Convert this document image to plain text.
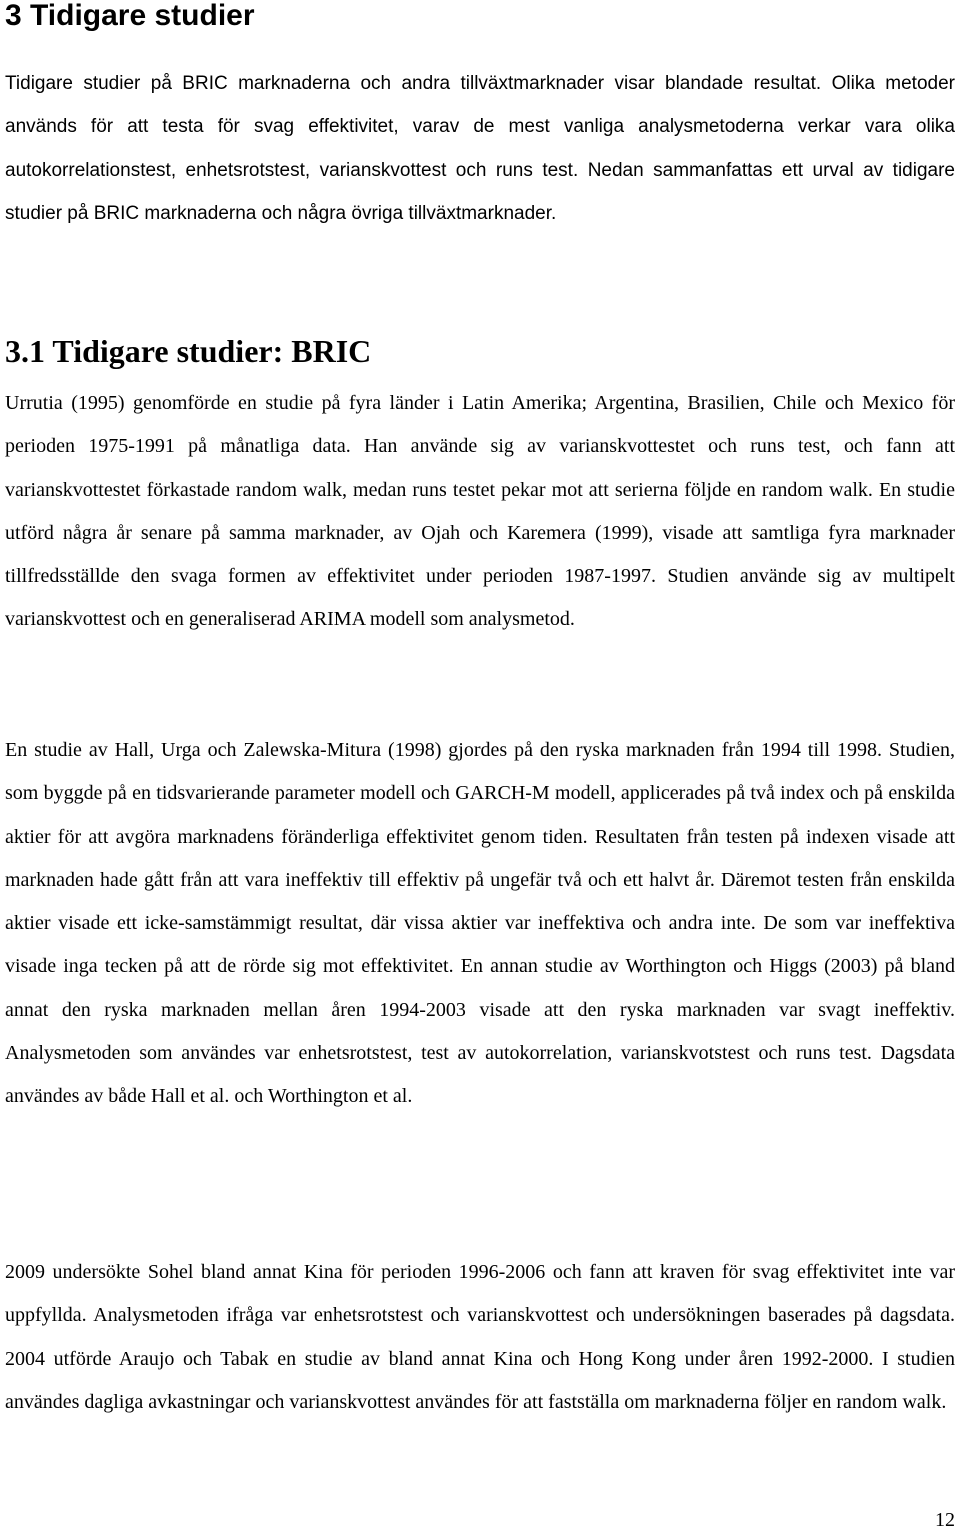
3 Tidigare studier

Tidigare studier på BRIC marknaderna och andra tillväxtmarknader visar blandade resultat. Olika metoder används för att testa för svag effektivitet, varav de mest vanliga analysmetoderna verkar vara olika autokorrelationstest, enhetsrotstest, varianskvottest och runs test. Nedan sammanfattas ett urval av tidigare studier på BRIC marknaderna och några övriga tillväxtmarknader.

3.1 Tidigare studier: BRIC

Urrutia (1995) genomförde en studie på fyra länder i Latin Amerika; Argentina, Brasilien, Chile och Mexico för perioden 1975-1991 på månatliga data. Han använde sig av varianskvottestet och runs test, och fann att varianskvottestet förkastade random walk, medan runs testet pekar mot att serierna följde en random walk. En studie utförd några år senare på samma marknader, av Ojah och Karemera (1999), visade att samtliga fyra marknader tillfredsställde den svaga formen av effektivitet under perioden 1987-1997. Studien använde sig av multipelt varianskvottest och en generaliserad ARIMA modell som analysmetod.

En studie av Hall, Urga och Zalewska-Mitura (1998) gjordes på den ryska marknaden från 1994 till 1998. Studien, som byggde på en tidsvarierande parameter modell och GARCH-M modell, applicerades på två index och på enskilda aktier för att avgöra marknadens föränderliga effektivitet genom tiden. Resultaten från testen på indexen visade att marknaden hade gått från att vara ineffektiv till effektiv på ungefär två och ett halvt år. Däremot testen från enskilda aktier visade ett icke-samstämmigt resultat, där vissa aktier var ineffektiva och andra inte. De som var ineffektiva visade inga tecken på att de rörde sig mot effektivitet. En annan studie av Worthington och Higgs (2003) på bland annat den ryska marknaden mellan åren 1994-2003 visade att den ryska marknaden var svagt ineffektiv. Analysmetoden som användes var enhetsrotstest, test av autokorrelation, varianskvotstest och runs test. Dagsdata användes av både Hall et al. och Worthington et al.

2009 undersökte Sohel bland annat Kina för perioden 1996-2006 och fann att kraven för svag effektivitet inte var uppfyllda. Analysmetoden ifråga var enhetsrotstest och varianskvottest och undersökningen baserades på dagsdata. 2004 utförde Araujo och Tabak en studie av bland annat Kina och Hong Kong under åren 1992-2000. I studien användes dagliga avkastningar och varianskvottest användes för att fastställa om marknaderna följer en random walk.

12
